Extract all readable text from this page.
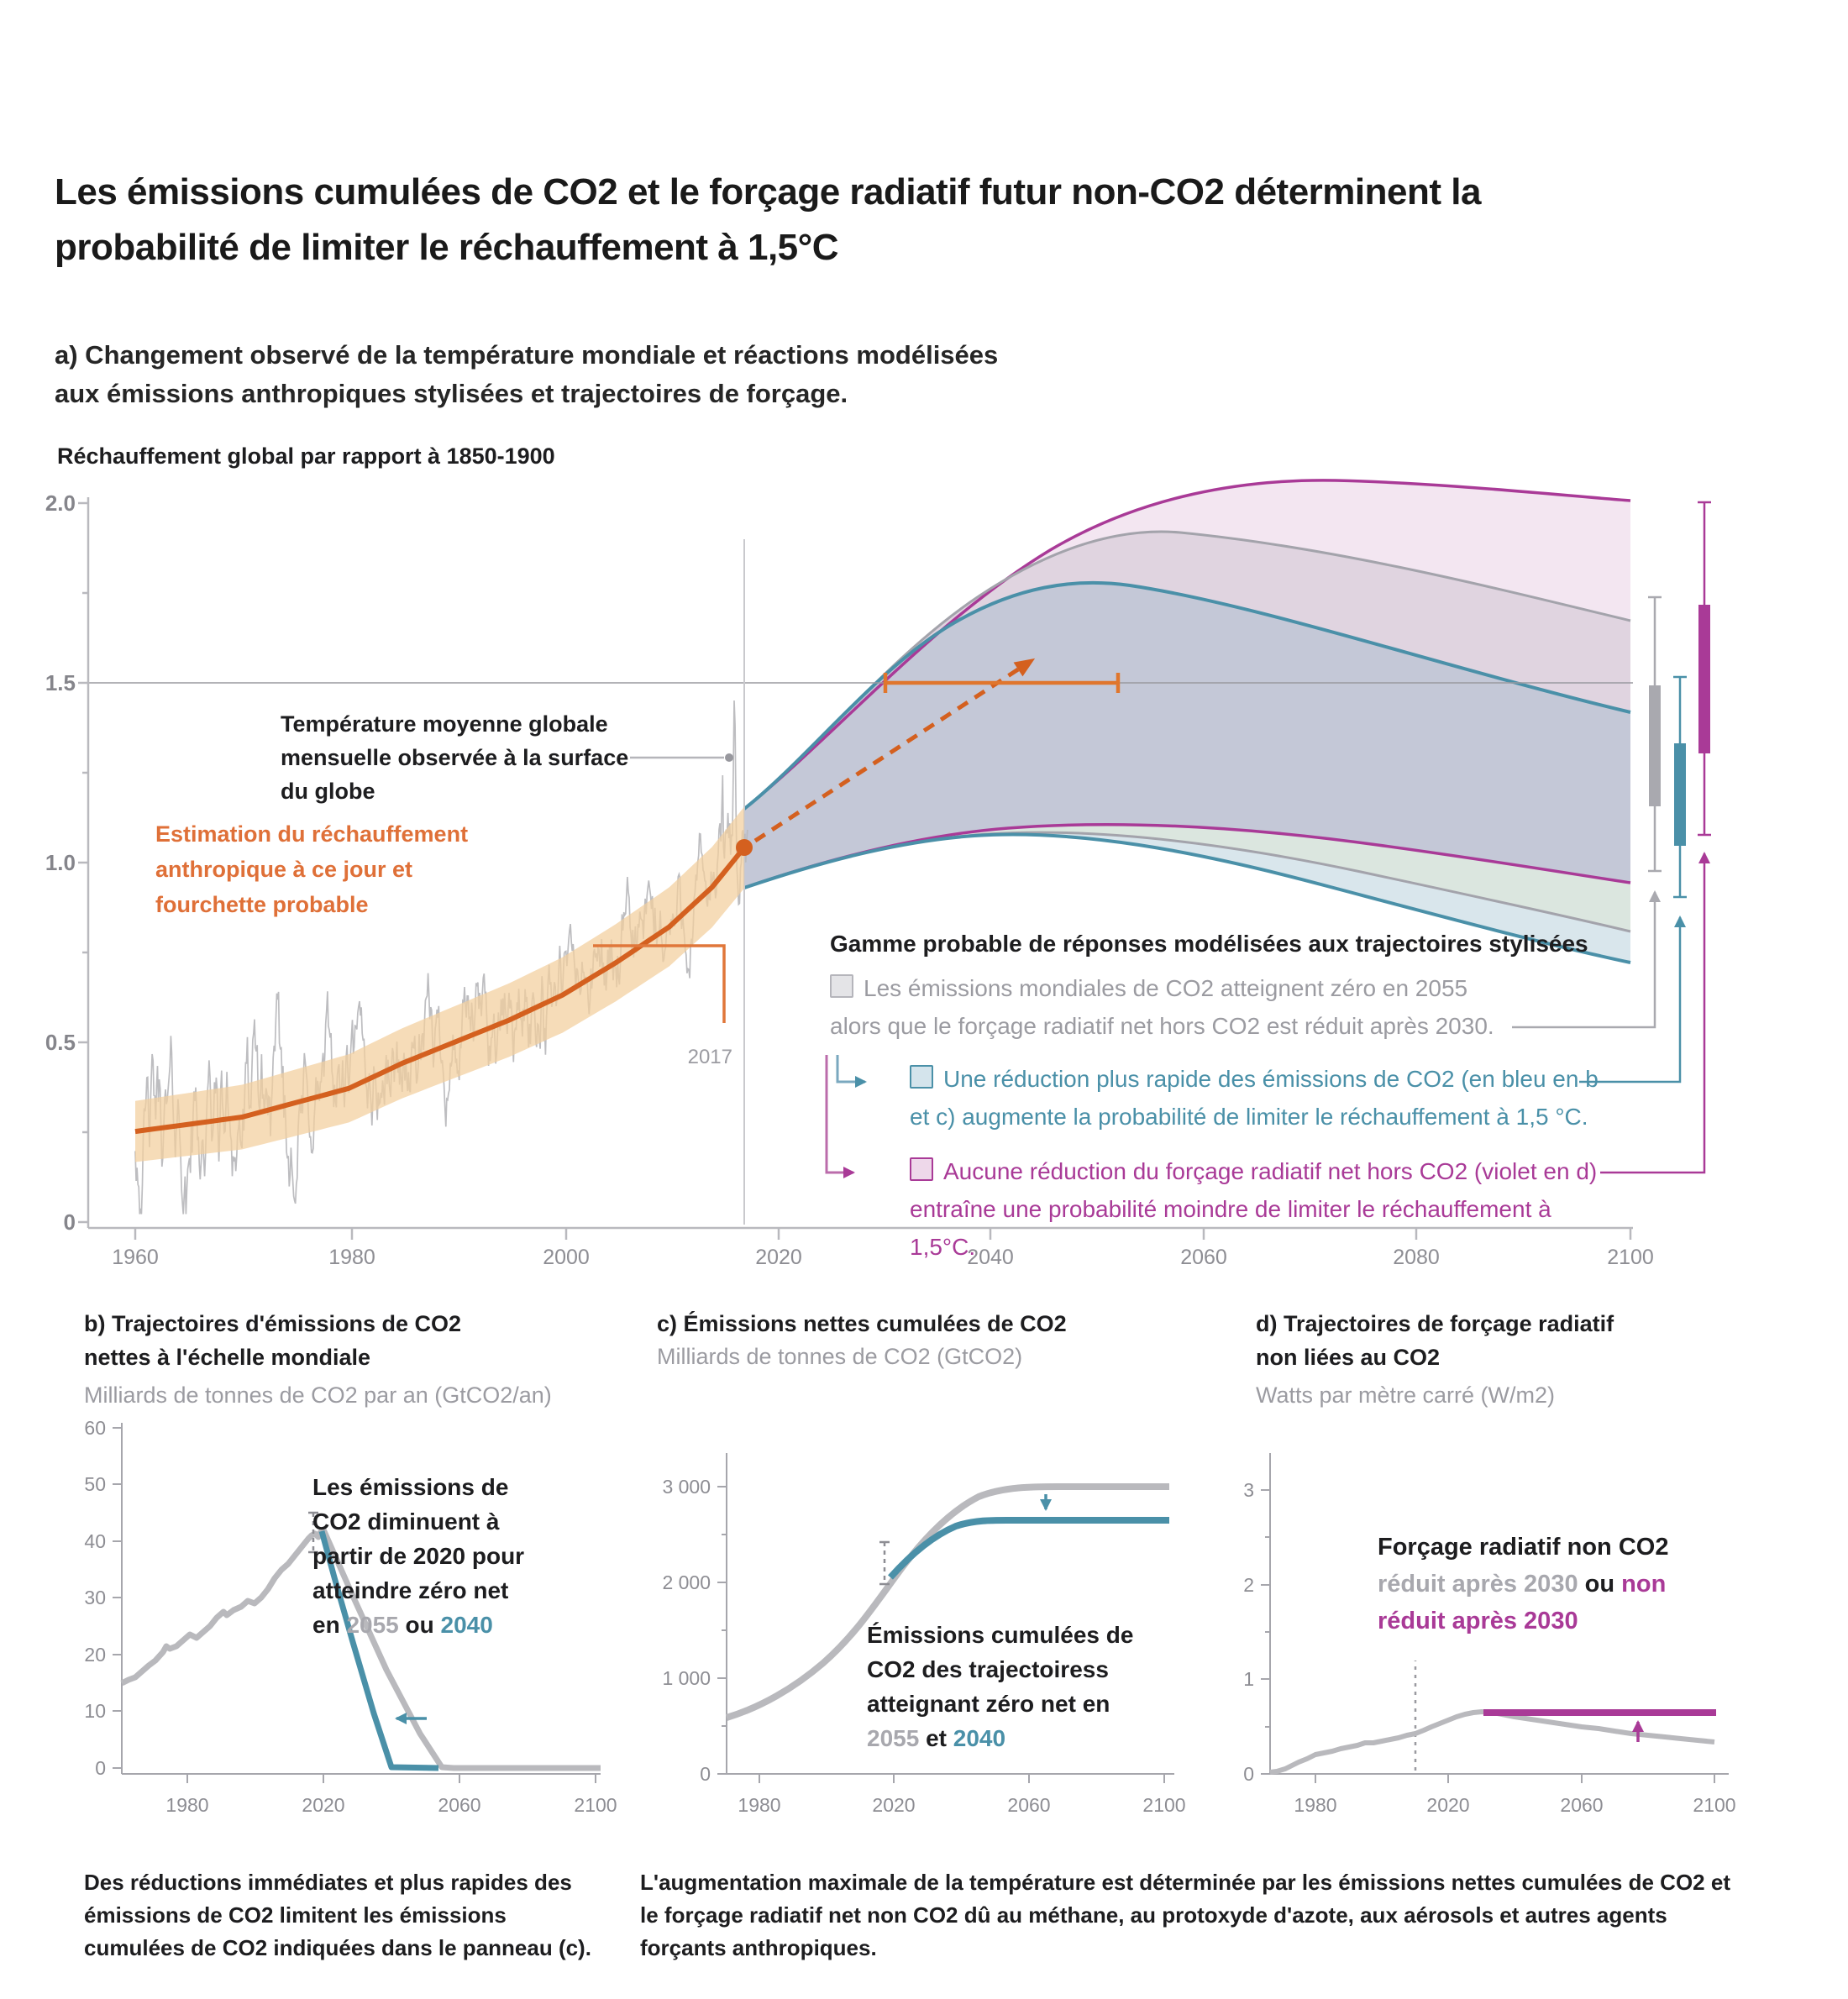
2.0
1.5
1.0
0.5
0
1960	1980	2000	2020	2040	2060	2080	2100
2017
60
50
40
30
20
10
0
1980	2020	2060	2100
3 000
2 000
1 000
0
1980	2020	2060	2100
3
2
1
0
1980	2020	2060	2100
Les émissions cumulées de CO2 et le forçage radiatif futur non-CO2 déterminent la probabilité de limiter le réchauffement à 1,5°C
a) Changement observé de la température mondiale et réactions modélisées aux émissions anthropiques stylisées et trajectoires de forçage.
Réchauffement global par rapport à 1850-1900
Température moyenne globale mensuelle observée à la surface du globe
Estimation du réchauffement anthropique à ce jour et fourchette probable
Gamme probable de réponses modélisées aux trajectoires stylisées
Les émissions mondiales de CO2 atteignent zéro en 2055
alors que le forçage radiatif net hors CO2 est réduit après 2030.
Une réduction plus rapide des émissions de CO2 (en bleu en b
et c) augmente la probabilité de limiter le réchauffement à 1,5 °C.
Aucune réduction du forçage radiatif net hors CO2 (violet en d)
entraîne une probabilité moindre de limiter le réchauffement à
1,5°C.
b) Trajectoires d'émissions de CO2 nettes à l'échelle mondiale
Milliards de tonnes de CO2 par an (GtCO2/an)
c) Émissions nettes cumulées de CO2
Milliards de tonnes de CO2 (GtCO2)
d) Trajectoires de forçage radiatif non liées au CO2
Watts par mètre carré (W/m2)
Les émissions de
CO2 diminuent à
partir de 2020 pour
atteindre zéro net
en 2055 ou 2040	Émissions cumulées de
CO2 des trajectoiress
atteignant zéro net en
2055 et 2040
Forçage radiatif non CO2
réduit après 2030 ou non
réduit après 2030
Des réductions immédiates et plus rapides des émissions de CO2 limitent les émissions cumulées de CO2 indiquées dans le panneau (c).
L'augmentation maximale de la température est déterminée par les émissions nettes cumulées de CO2 et le forçage radiatif net non CO2 dû au méthane, au protoxyde d'azote, aux aérosols et autres agents forçants anthropiques.
